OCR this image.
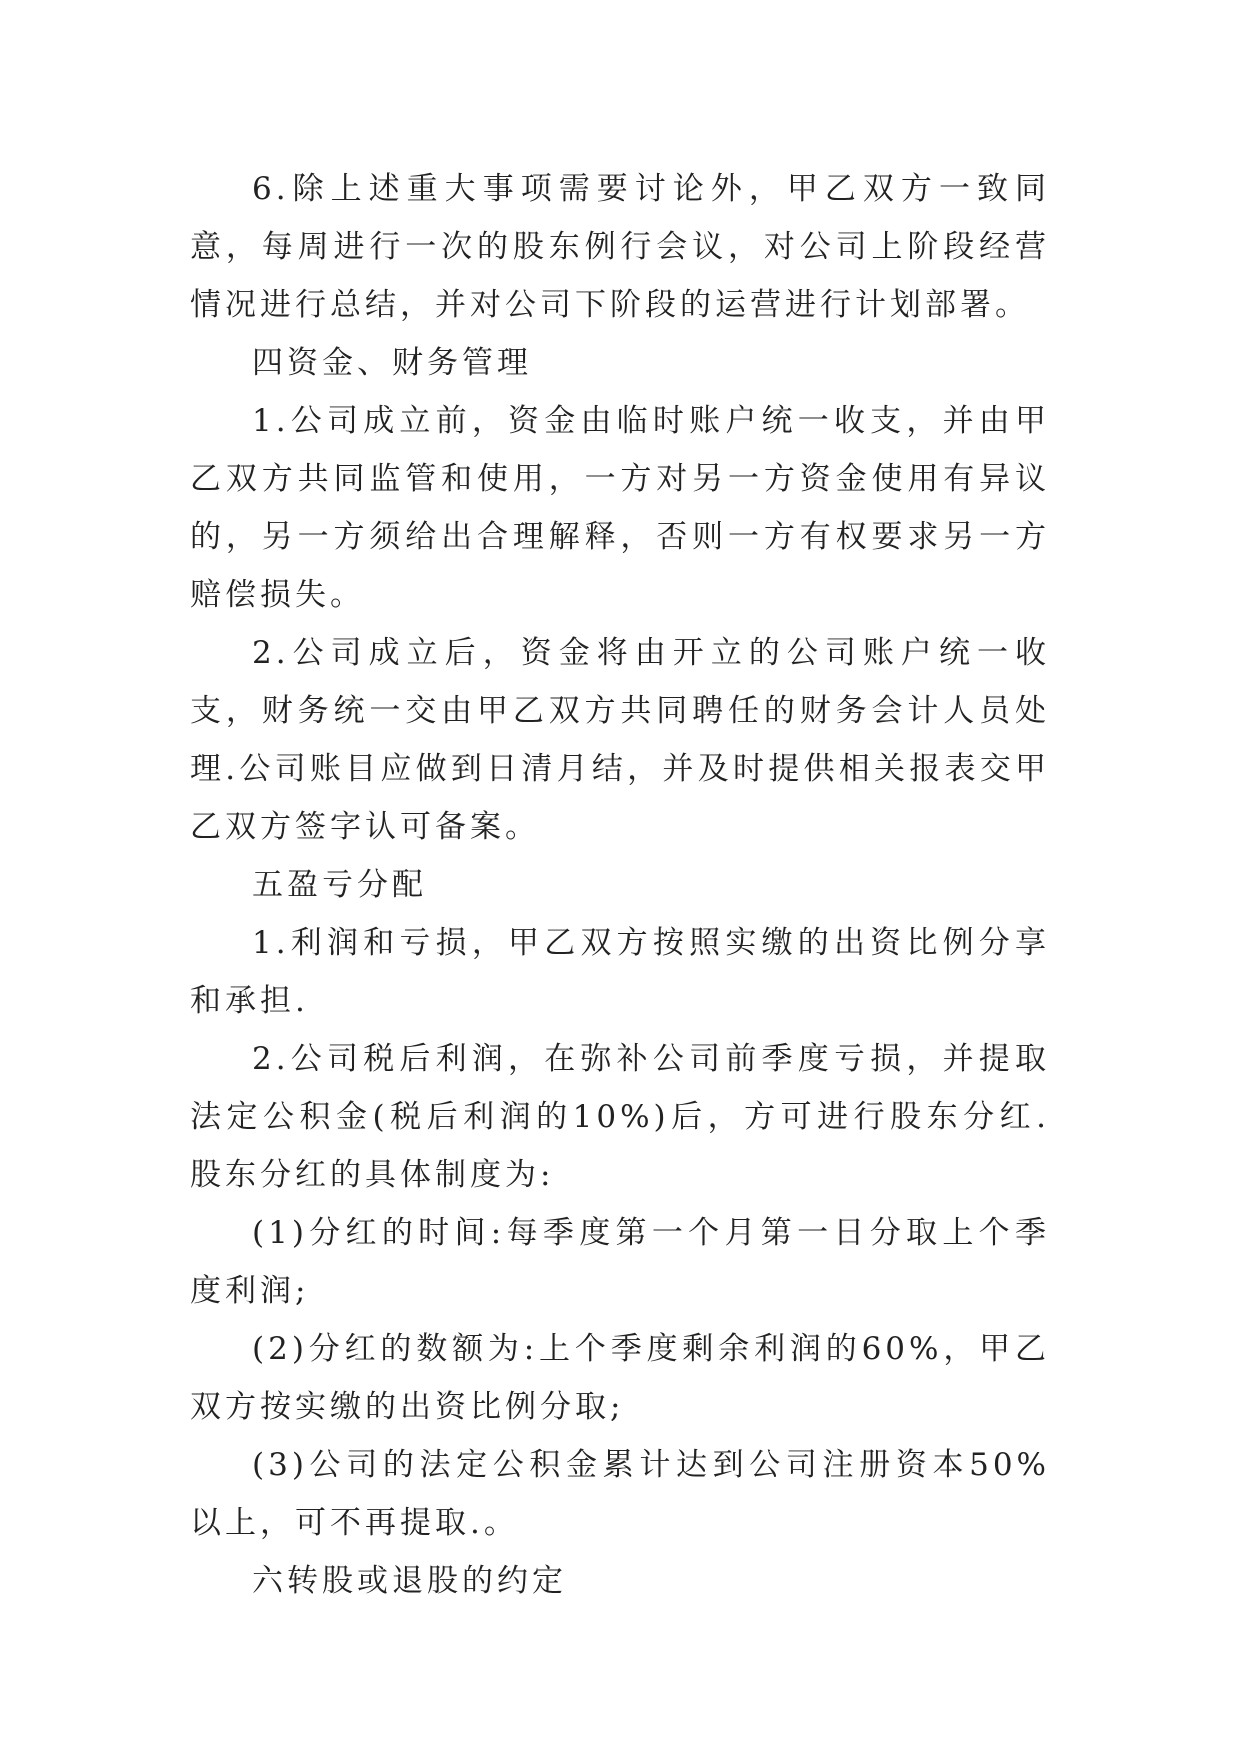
6.除上述重大事项需要讨论外，甲乙双方一致同意，每周进行一次的股东例行会议，对公司上阶段经营情况进行总结，并对公司下阶段的运营进行计划部署。

四资金、财务管理

1.公司成立前，资金由临时账户统一收支，并由甲乙双方共同监管和使用，一方对另一方资金使用有异议的，另一方须给出合理解释，否则一方有权要求另一方赔偿损失。

2.公司成立后，资金将由开立的公司账户统一收支，财务统一交由甲乙双方共同聘任的财务会计人员处理.公司账目应做到日清月结，并及时提供相关报表交甲乙双方签字认可备案。

五盈亏分配

1.利润和亏损，甲乙双方按照实缴的出资比例分享和承担.

2.公司税后利润，在弥补公司前季度亏损，并提取法定公积金(税后利润的10%)后，方可进行股东分红.股东分红的具体制度为:

(1)分红的时间:每季度第一个月第一日分取上个季度利润;

(2)分红的数额为:上个季度剩余利润的60%，甲乙双方按实缴的出资比例分取;

(3)公司的法定公积金累计达到公司注册资本50%以上，可不再提取.。

六转股或退股的约定
